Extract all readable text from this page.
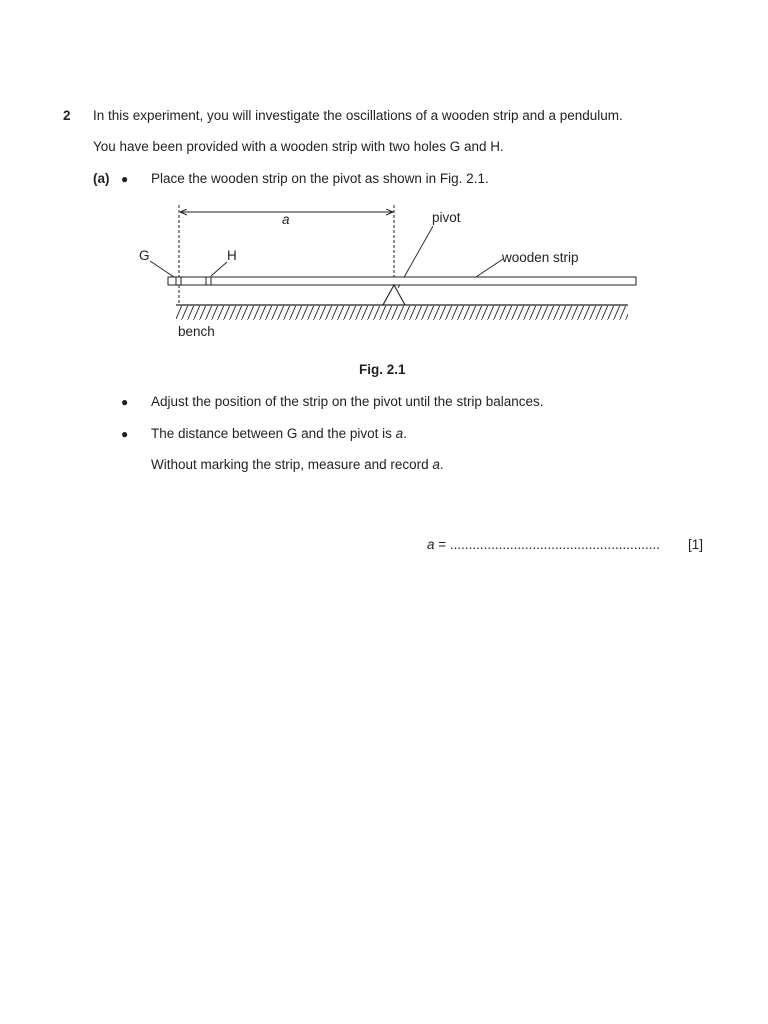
2 In this experiment, you will investigate the oscillations of a wooden strip and a pendulum.
You have been provided with a wooden strip with two holes G and H.
(a) ● Place the wooden strip on the pivot as shown in Fig. 2.1.
a	pivot
G	H	wooden strip
bench
Fig. 2.1
● Adjust the position of the strip on the pivot until the strip balances.
● The distance between G and the pivot is a.
Without marking the strip, measure and record a.
a = ........................................................ [1]
